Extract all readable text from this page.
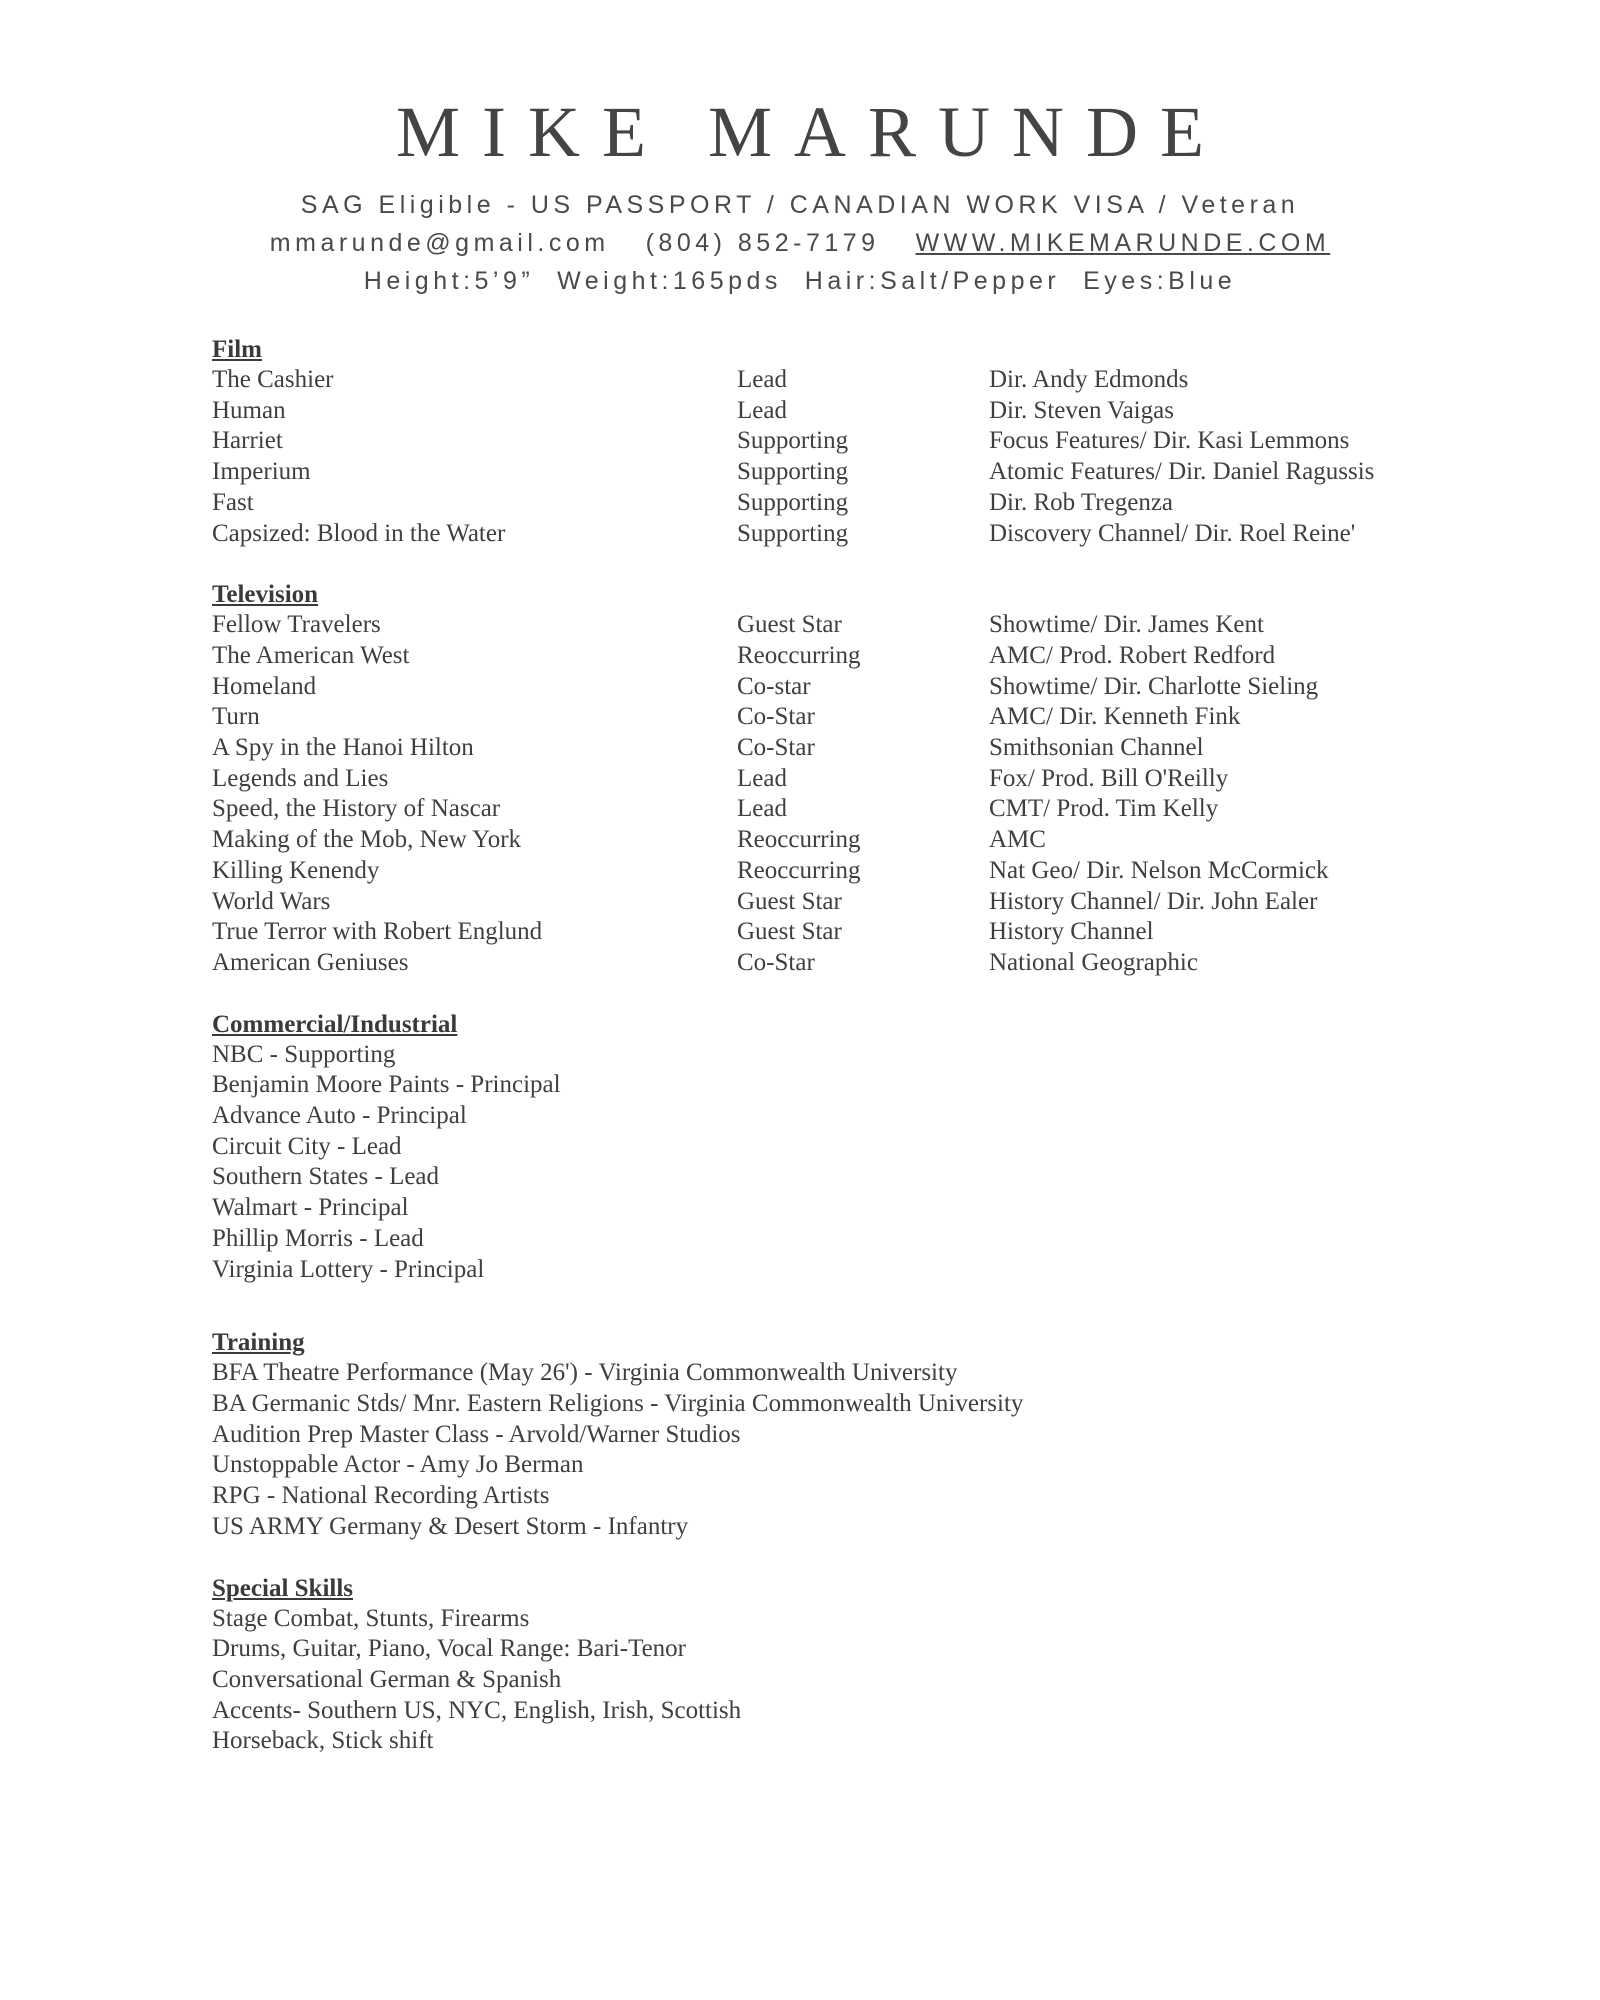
MIKE MARUNDE
SAG Eligible - US PASSPORT / CANADIAN WORK VISA / Veteran
mmarunde@gmail.com (804) 852-7179 WWW.MIKEMARUNDE.COM
Height:5’9”  Weight:165pds  Hair:Salt/Pepper  Eyes:Blue
Film
The Cashier	Lead	Dir. Andy Edmonds
Human	Lead	Dir. Steven Vaigas
Harriet	Supporting	Focus Features/ Dir. Kasi Lemmons
Imperium	Supporting	Atomic Features/ Dir. Daniel Ragussis
Fast	Supporting	Dir. Rob Tregenza
Capsized: Blood in the Water	Supporting	Discovery Channel/ Dir. Roel Reine'
Television
Fellow Travelers	Guest Star	Showtime/ Dir. James Kent
The American West	Reoccurring	AMC/ Prod. Robert Redford
Homeland	Co-star	Showtime/ Dir. Charlotte Sieling
Turn	Co-Star	AMC/ Dir. Kenneth Fink
A Spy in the Hanoi Hilton	Co-Star	Smithsonian Channel
Legends and Lies	Lead	Fox/ Prod. Bill O'Reilly
Speed, the History of Nascar	Lead	CMT/ Prod. Tim Kelly
Making of the Mob, New York	Reoccurring	AMC
Killing Kenendy	Reoccurring	Nat Geo/ Dir. Nelson McCormick
World Wars	Guest Star	History Channel/ Dir. John Ealer
True Terror with Robert Englund	Guest Star	History Channel
American Geniuses	Co-Star	National Geographic
Commercial/Industrial
NBC - Supporting
Benjamin Moore Paints - Principal
Advance Auto - Principal
Circuit City - Lead
Southern States - Lead
Walmart - Principal
Phillip Morris - Lead
Virginia Lottery - Principal
Training
BFA Theatre Performance (May 26') - Virginia Commonwealth University
BA Germanic Stds/ Mnr. Eastern Religions - Virginia Commonwealth University
Audition Prep Master Class - Arvold/Warner Studios
Unstoppable Actor - Amy Jo Berman
RPG - National Recording Artists
US ARMY Germany & Desert Storm - Infantry
Special Skills
Stage Combat, Stunts, Firearms
Drums, Guitar, Piano, Vocal Range: Bari-Tenor
Conversational German & Spanish
Accents- Southern US, NYC, English, Irish, Scottish
Horseback, Stick shift
